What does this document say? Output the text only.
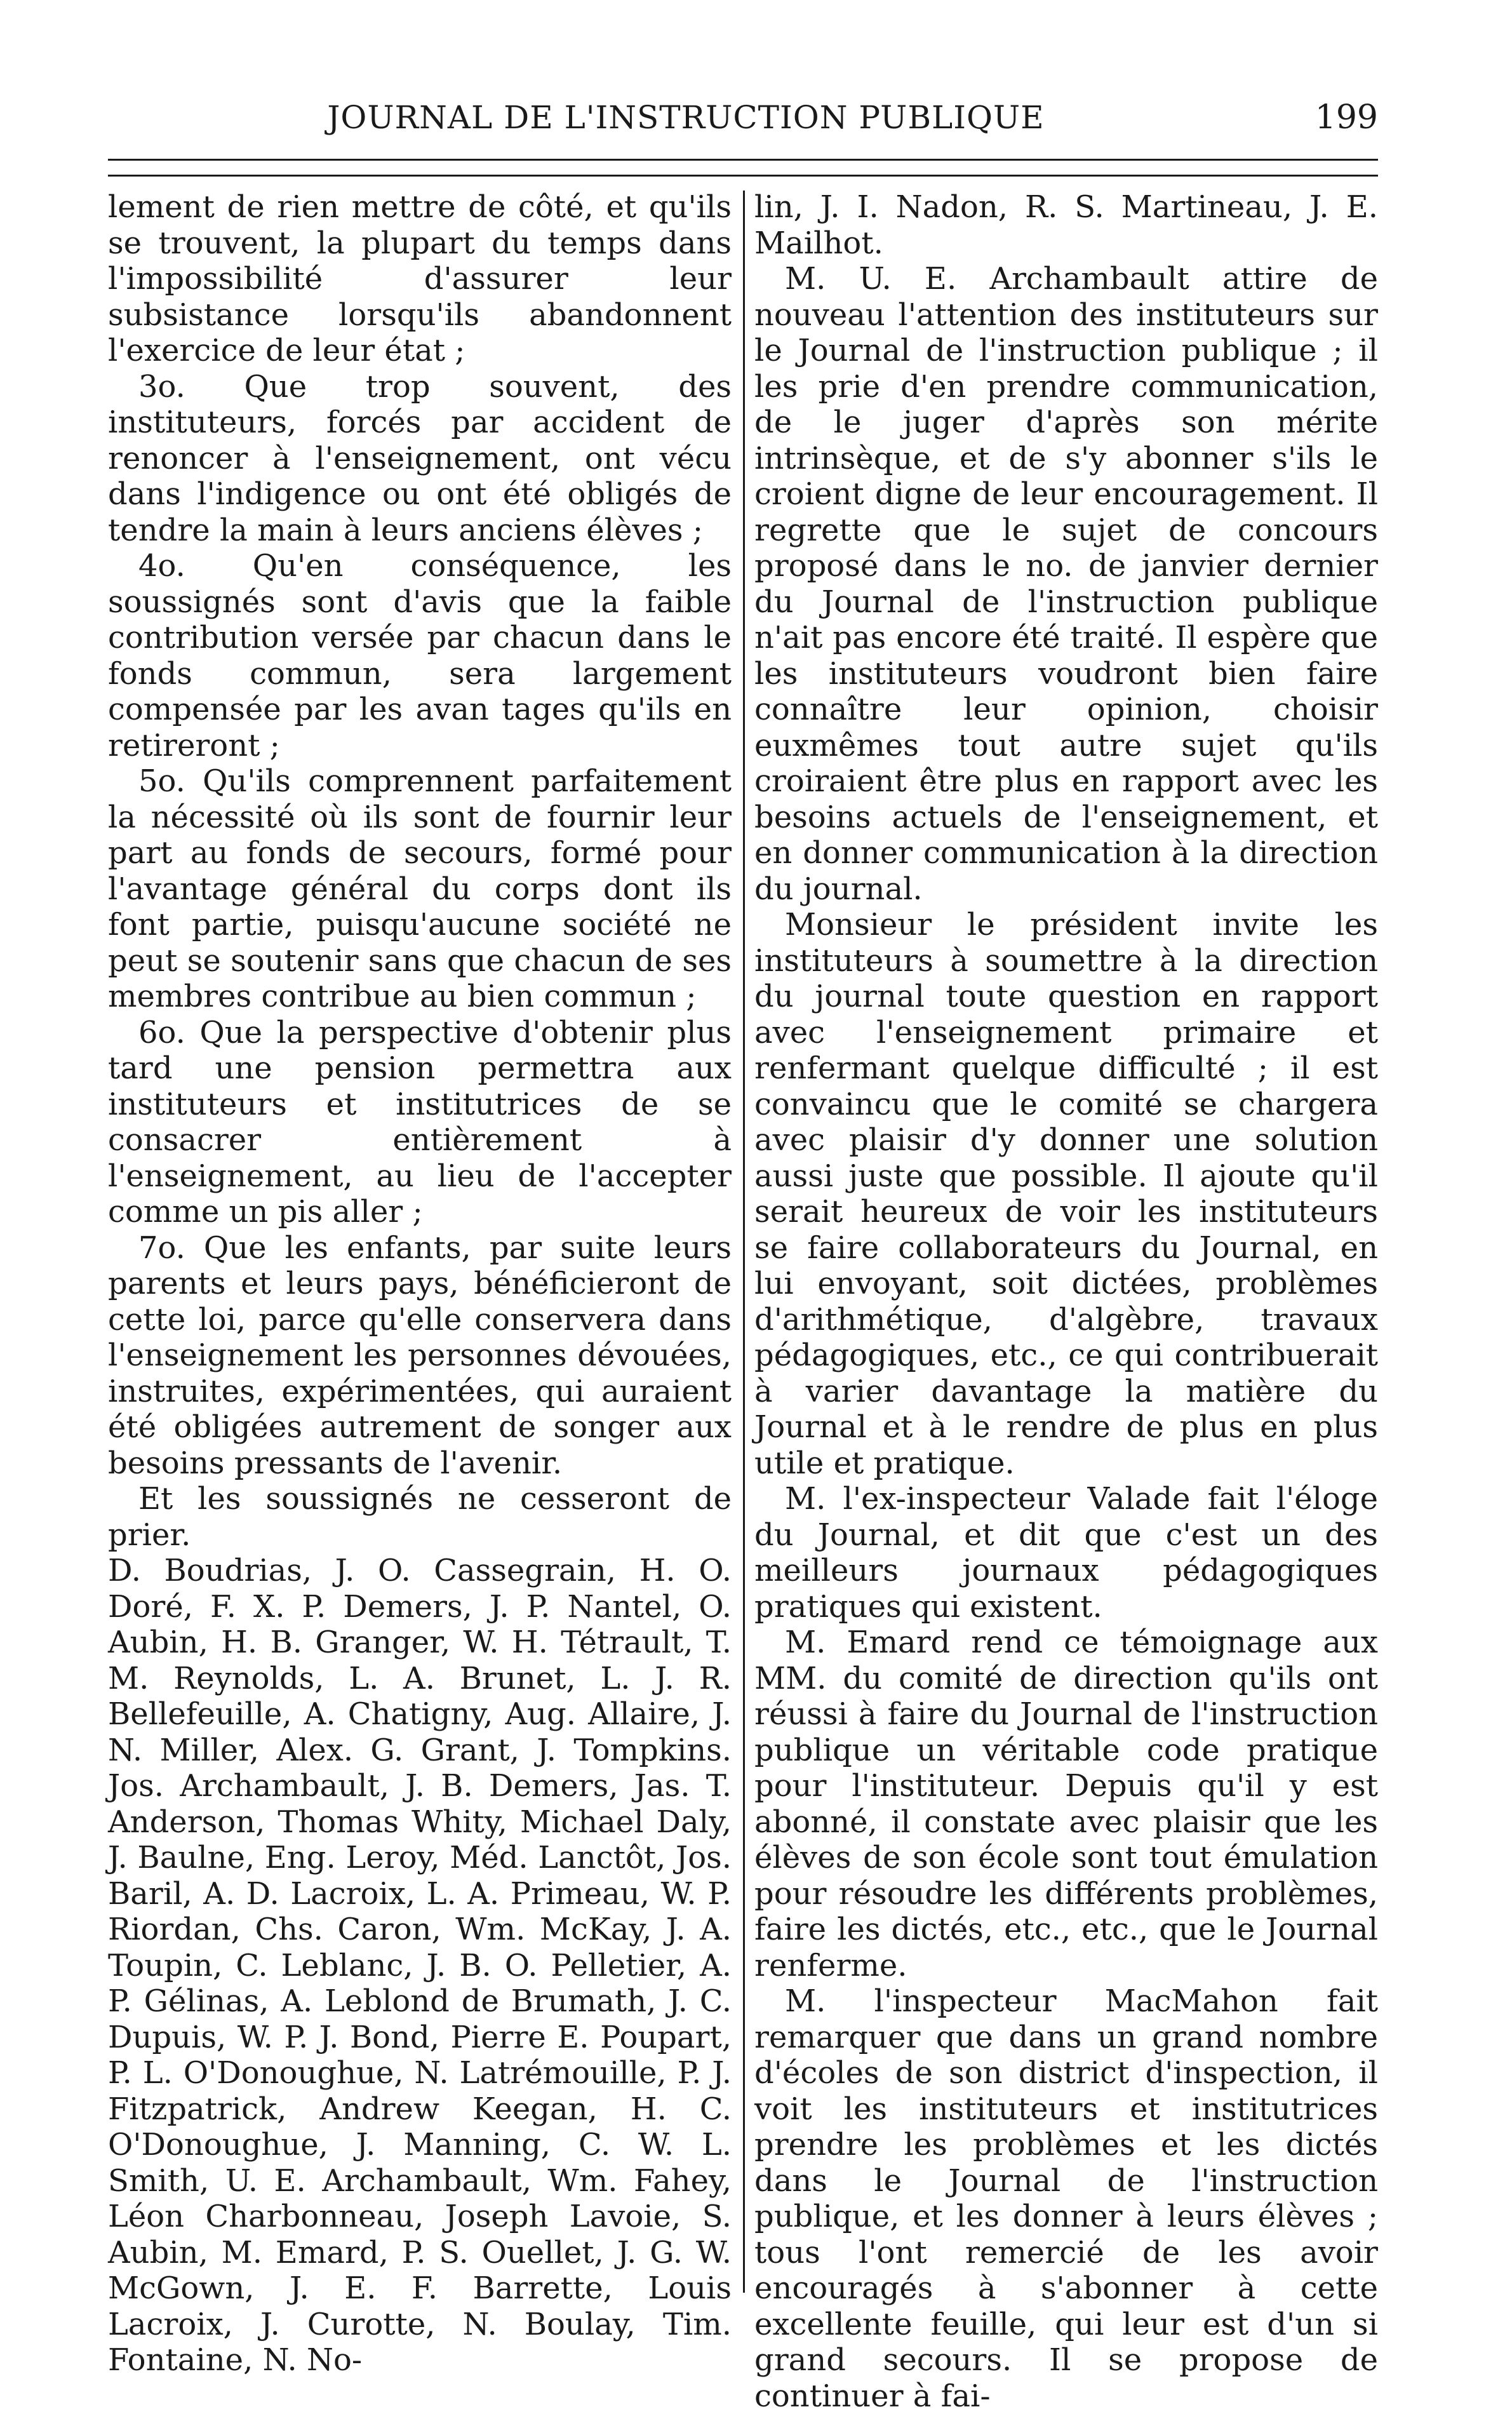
JOURNAL DE L'INSTRUCTION PUBLIQUE	199

lement de rien mettre de côté, et qu'ils se trouvent, la plupart du temps dans l'impossibilité d'assurer leur subsistance lorsqu'ils abandonnent l'exercice de leur état ;

3o. Que trop souvent, des instituteurs, forcés par accident de renoncer à l'enseignement, ont vécu dans l'indigence ou ont été obligés de tendre la main à leurs anciens élèves ;

4o. Qu'en conséquence, les soussignés sont d'avis que la faible contribution versée par chacun dans le fonds commun, sera largement compensée par les avan tages qu'ils en retireront ;

5o. Qu'ils comprennent parfaitement la nécessité où ils sont de fournir leur part au fonds de secours, formé pour l'avantage général du corps dont ils font partie, puisqu'aucune société ne peut se soutenir sans que chacun de ses membres contribue au bien commun ;

6o. Que la perspective d'obtenir plus tard une pension permettra aux instituteurs et institutrices de se consacrer entièrement à l'enseignement, au lieu de l'accepter comme un pis aller ;

7o. Que les enfants, par suite leurs parents et leurs pays, bénéficieront de cette loi, parce qu'elle conservera dans l'enseignement les personnes dévouées, instruites, expérimentées, qui auraient été obligées autrement de songer aux besoins pressants de l'avenir.

Et les soussignés ne cesseront de prier.

D. Boudrias, J. O. Cassegrain, H. O. Doré, F. X. P. Demers, J. P. Nantel, O. Aubin, H. B. Granger, W. H. Tétrault, T. M. Reynolds, L. A. Brunet, L. J. R. Bellefeuille, A. Chatigny, Aug. Allaire, J. N. Miller, Alex. G. Grant, J. Tompkins. Jos. Archambault, J. B. Demers, Jas. T. Anderson, Thomas Whity, Michael Daly, J. Baulne, Eng. Leroy, Méd. Lanctôt, Jos. Baril, A. D. Lacroix, L. A. Primeau, W. P. Riordan, Chs. Caron, Wm. McKay, J. A. Toupin, C. Leblanc, J. B. O. Pelletier, A. P. Gélinas, A. Leblond de Brumath, J. C. Dupuis, W. P. J. Bond, Pierre E. Poupart, P. L. O'Donoughue, N. Latrémouille, P. J. Fitzpatrick, Andrew Keegan, H. C. O'Donoughue, J. Manning, C. W. L. Smith, U. E. Archambault, Wm. Fahey, Léon Charbonneau, Joseph Lavoie, S. Aubin, M. Emard, P. S. Ouellet, J. G. W. McGown, J. E. F. Barrette, Louis Lacroix, J. Curotte, N. Boulay, Tim. Fontaine, N. No-

lin, J. I. Nadon, R. S. Martineau, J. E. Mailhot.

M. U. E. Archambault attire de nouveau l'attention des instituteurs sur le Journal de l'instruction publique ; il les prie d'en prendre communication, de le juger d'après son mérite intrinsèque, et de s'y abonner s'ils le croient digne de leur encouragement. Il regrette que le sujet de concours proposé dans le no. de janvier dernier du Journal de l'instruction publique n'ait pas encore été traité. Il espère que les instituteurs voudront bien faire connaître leur opinion, choisir euxmêmes tout autre sujet qu'ils croiraient être plus en rapport avec les besoins actuels de l'enseignement, et en donner communication à la direction du journal.

Monsieur le président invite les instituteurs à soumettre à la direction du journal toute question en rapport avec l'enseignement primaire et renfermant quelque difficulté ; il est convaincu que le comité se chargera avec plaisir d'y donner une solution aussi juste que possible. Il ajoute qu'il serait heureux de voir les instituteurs se faire collaborateurs du Journal, en lui envoyant, soit dictées, problèmes d'arithmétique, d'algèbre, travaux pédagogiques, etc., ce qui contribuerait à varier davantage la matière du Journal et à le rendre de plus en plus utile et pratique.

M. l'ex-inspecteur Valade fait l'éloge du Journal, et dit que c'est un des meilleurs journaux pédagogiques pratiques qui existent.

M. Emard rend ce témoignage aux MM. du comité de direction qu'ils ont réussi à faire du Journal de l'instruction publique un véritable code pratique pour l'instituteur. Depuis qu'il y est abonné, il constate avec plaisir que les élèves de son école sont tout émulation pour résoudre les différents problèmes, faire les dictés, etc., etc., que le Journal renferme.

M. l'inspecteur MacMahon fait remarquer que dans un grand nombre d'écoles de son district d'inspection, il voit les instituteurs et institutrices prendre les problèmes et les dictés dans le Journal de l'instruction publique, et les donner à leurs élèves ; tous l'ont remercié de les avoir encouragés à s'abonner à cette excellente feuille, qui leur est d'un si grand secours. Il se propose de continuer à fai-
